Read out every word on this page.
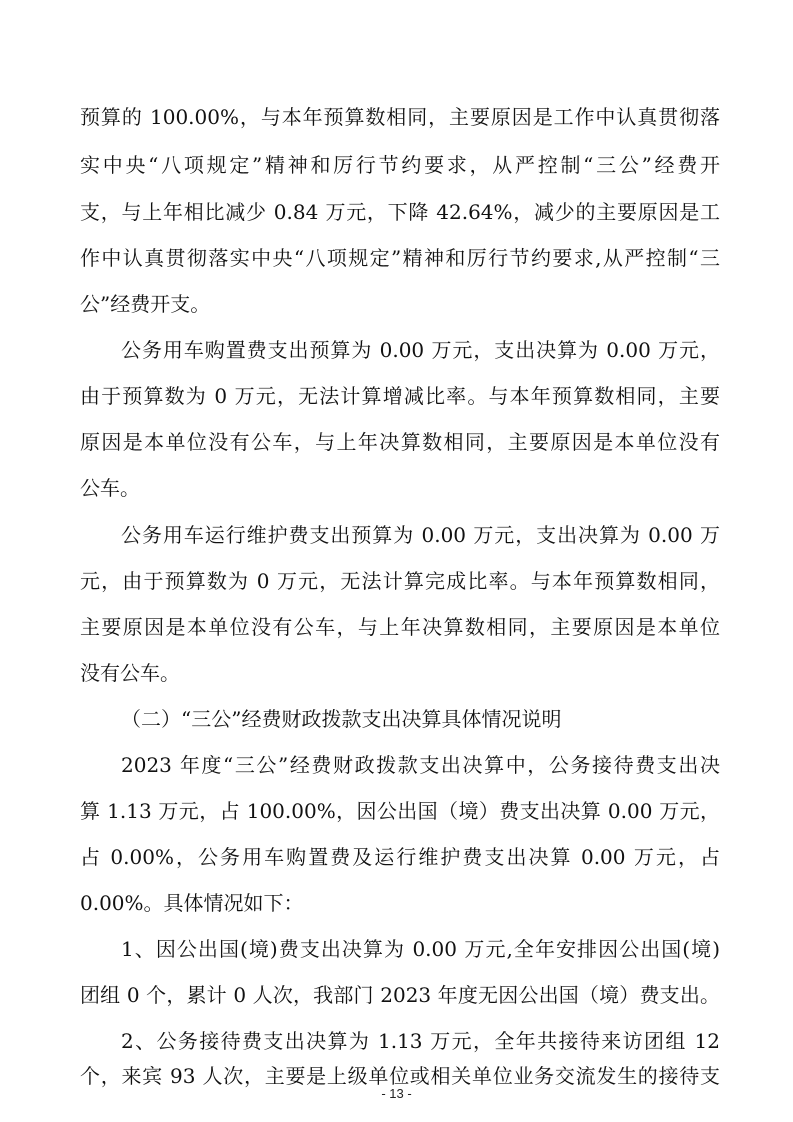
预算的 100.00%，与本年预算数相同，主要原因是工作中认真贯彻落
实中央“八项规定”精神和厉行节约要求，从严控制“三公”经费开
支，与上年相比减少 0.84 万元，下降 42.64%，减少的主要原因是工
作中认真贯彻落实中央“八项规定”精神和厉行节约要求,从严控制“三
公”经费开支。
公务用车购置费支出预算为 0.00 万元，支出决算为 0.00 万元，
由于预算数为 0 万元，无法计算增减比率。与本年预算数相同，主要
原因是本单位没有公车，与上年决算数相同，主要原因是本单位没有
公车。
公务用车运行维护费支出预算为 0.00 万元，支出决算为 0.00 万
元，由于预算数为 0 万元，无法计算完成比率。与本年预算数相同，
主要原因是本单位没有公车，与上年决算数相同，主要原因是本单位
没有公车。
（二）“三公”经费财政拨款支出决算具体情况说明
2023 年度“三公”经费财政拨款支出决算中，公务接待费支出决
算 1.13 万元，占 100.00%，因公出国（境）费支出决算 0.00 万元，
占 0.00%，公务用车购置费及运行维护费支出决算 0.00 万元，占
0.00%。具体情况如下：
1、因公出国(境)费支出决算为 0.00 万元,全年安排因公出国(境)
团组 0 个，累计 0 人次，我部门 2023 年度无因公出国（境）费支出。
2、公务接待费支出决算为 1.13 万元，全年共接待来访团组 12
个，来宾 93 人次，主要是上级单位或相关单位业务交流发生的接待支
- 13 -
